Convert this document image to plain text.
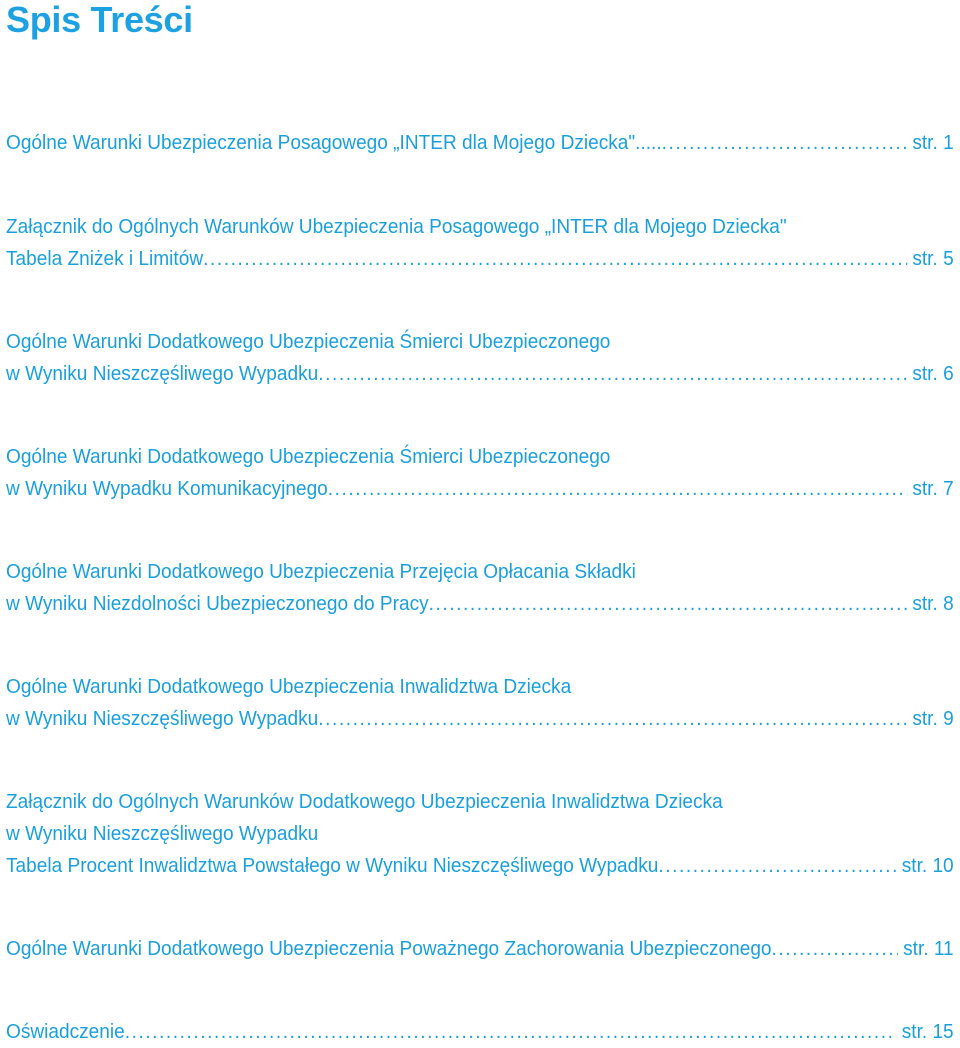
Spis Treści
Ogólne Warunki Ubezpieczenia Posagowego „INTER dla Mojego Dziecka"..... . . .	str. 1
Załącznik do Ogólnych Warunków Ubezpieczenia Posagowego „INTER dla Mojego Dziecka"
Tabela Zniżek i Limitów . . .	str. 5
Ogólne Warunki Dodatkowego Ubezpieczenia Śmierci Ubezpieczonego
w Wyniku Nieszczęśliwego Wypadku . . .	str. 6
Ogólne Warunki Dodatkowego Ubezpieczenia Śmierci Ubezpieczonego
w Wyniku Wypadku Komunikacyjnego . . .	str. 7
Ogólne Warunki Dodatkowego Ubezpieczenia Przejęcia Opłacania Składki
w Wyniku Niezdolności Ubezpieczonego do Pracy . . .	str. 8
Ogólne Warunki Dodatkowego Ubezpieczenia Inwalidztwa Dziecka
w Wyniku Nieszczęśliwego Wypadku . . .	str. 9
Załącznik do Ogólnych Warunków Dodatkowego Ubezpieczenia Inwalidztwa Dziecka
w Wyniku Nieszczęśliwego Wypadku
Tabela Procent Inwalidztwa Powstałego w Wyniku Nieszczęśliwego Wypadku . . .	str. 10
Ogólne Warunki Dodatkowego Ubezpieczenia Poważnego Zachorowania Ubezpieczonego . . .	str. 11
Oświadczenie . . .	str. 15
